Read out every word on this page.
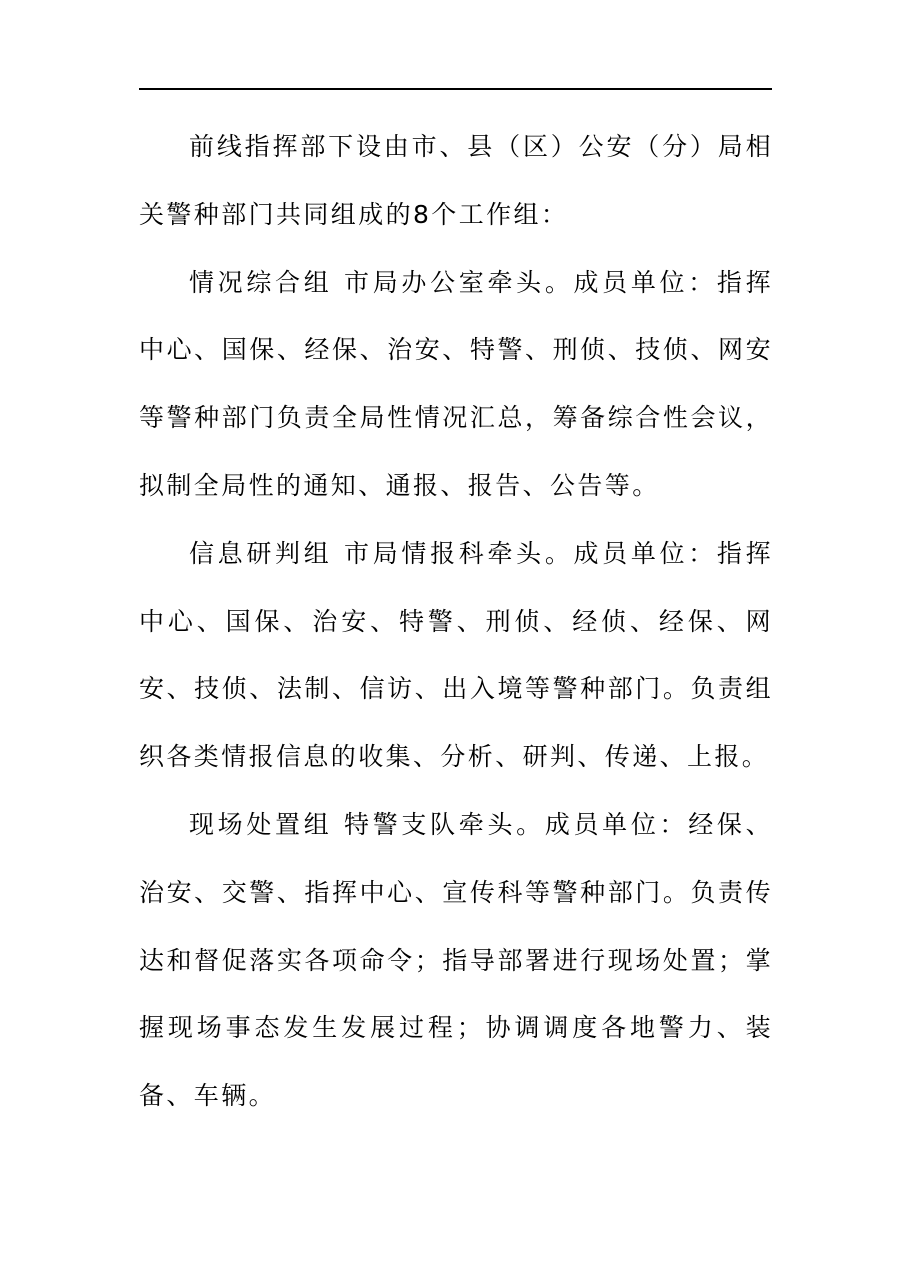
前线指挥部下设由市、县（区）公安（分）局相关警种部门共同组成的8个工作组：

情况综合组 市局办公室牵头。成员单位：指挥中心、国保、经保、治安、特警、刑侦、技侦、网安等警种部门负责全局性情况汇总，筹备综合性会议，拟制全局性的通知、通报、报告、公告等。

信息研判组 市局情报科牵头。成员单位：指挥中心、国保、治安、特警、刑侦、经侦、经保、网安、技侦、法制、信访、出入境等警种部门。负责组织各类情报信息的收集、分析、研判、传递、上报。

现场处置组 特警支队牵头。成员单位：经保、治安、交警、指挥中心、宣传科等警种部门。负责传达和督促落实各项命令；指导部署进行现场处置；掌握现场事态发生发展过程；协调调度各地警力、装备、车辆。
